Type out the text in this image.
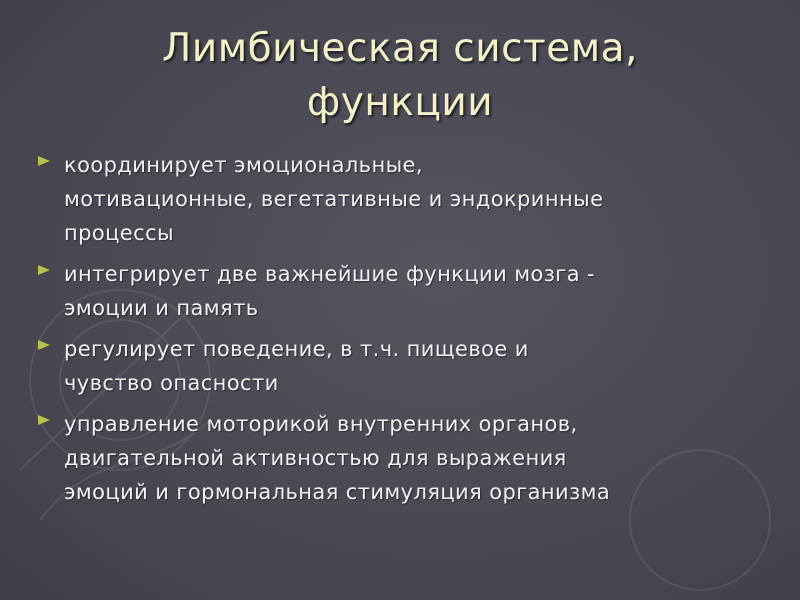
Лимбическая система,
функции
координирует эмоциональные,
мотивационные, вегетативные и эндокринные
процессы
интегрирует две важнейшие функции мозга -
эмоции и память
регулирует поведение, в т.ч. пищевое и
чувство опасности
управление моторикой внутренних органов,
двигательной активностью для выражения
эмоций и гормональная стимуляция организма
